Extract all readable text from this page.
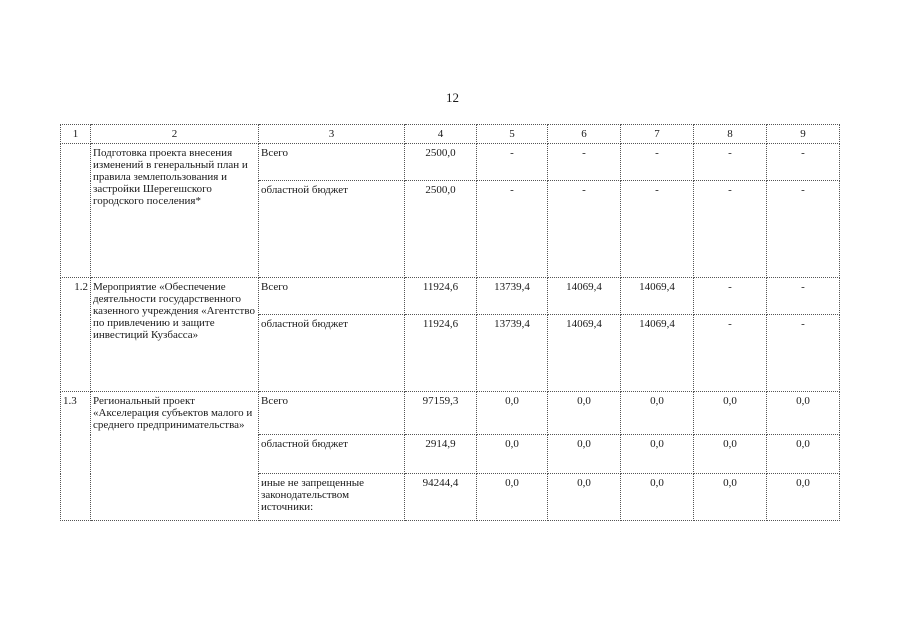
12
1	2	3	4	5	6	7	8	9
	Подготовка проекта внесения изменений в генеральный план и правила землепользования и застройки Шерегешского городского поселения*	Всего	2500,0	-	-	-	-	-
		областной бюджет	2500,0	-	-	-	-	-
1.2	Мероприятие «Обеспечение деятельности государственного казенного учреждения «Агентство по привлечению и защите инвестиций Кузбасса»	Всего	11924,6	13739,4	14069,4	14069,4	-	-
		областной бюджет	11924,6	13739,4	14069,4	14069,4	-	-
1.3	Региональный проект «Акселерация субъектов малого и среднего предпринимательства»	Всего	97159,3	0,0	0,0	0,0	0,0	0,0
		областной бюджет	2914,9	0,0	0,0	0,0	0,0	0,0
		иные не запрещенные законодательством источники:	94244,4	0,0	0,0	0,0	0,0	0,0
